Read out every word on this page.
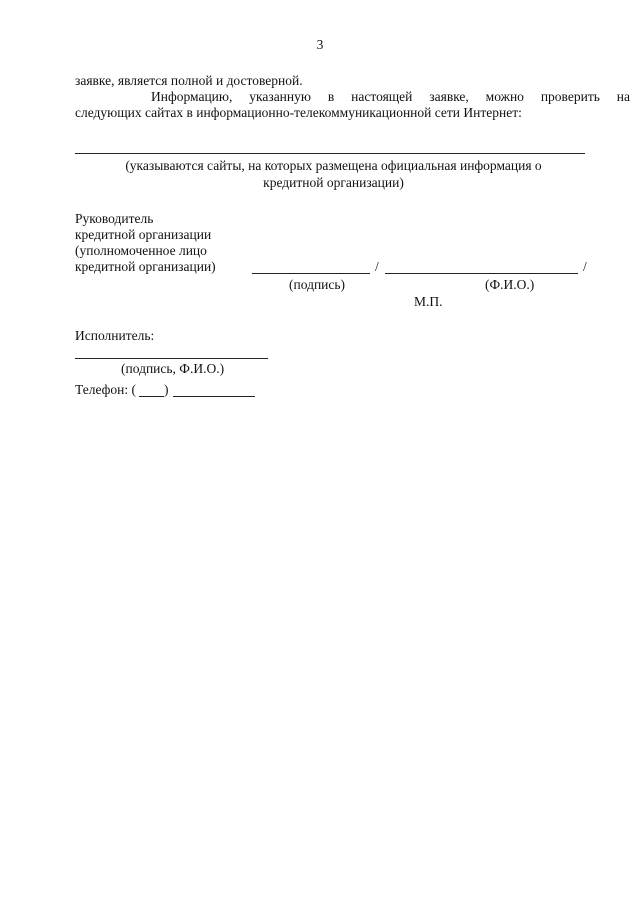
3
заявке, является полной и достоверной.
Информацию, указанную в настоящей заявке, можно проверить на
следующих сайтах в информационно-телекоммуникационной сети Интернет:
(указываются сайты, на которых размещена официальная информация о
кредитной организации)
Руководитель
кредитной организации
(уполномоченное лицо
кредитной организации)	/	/
(подпись)	(Ф.И.О.)
М.П.
Исполнитель:
(подпись, Ф.И.О.)
Телефон: ( )
